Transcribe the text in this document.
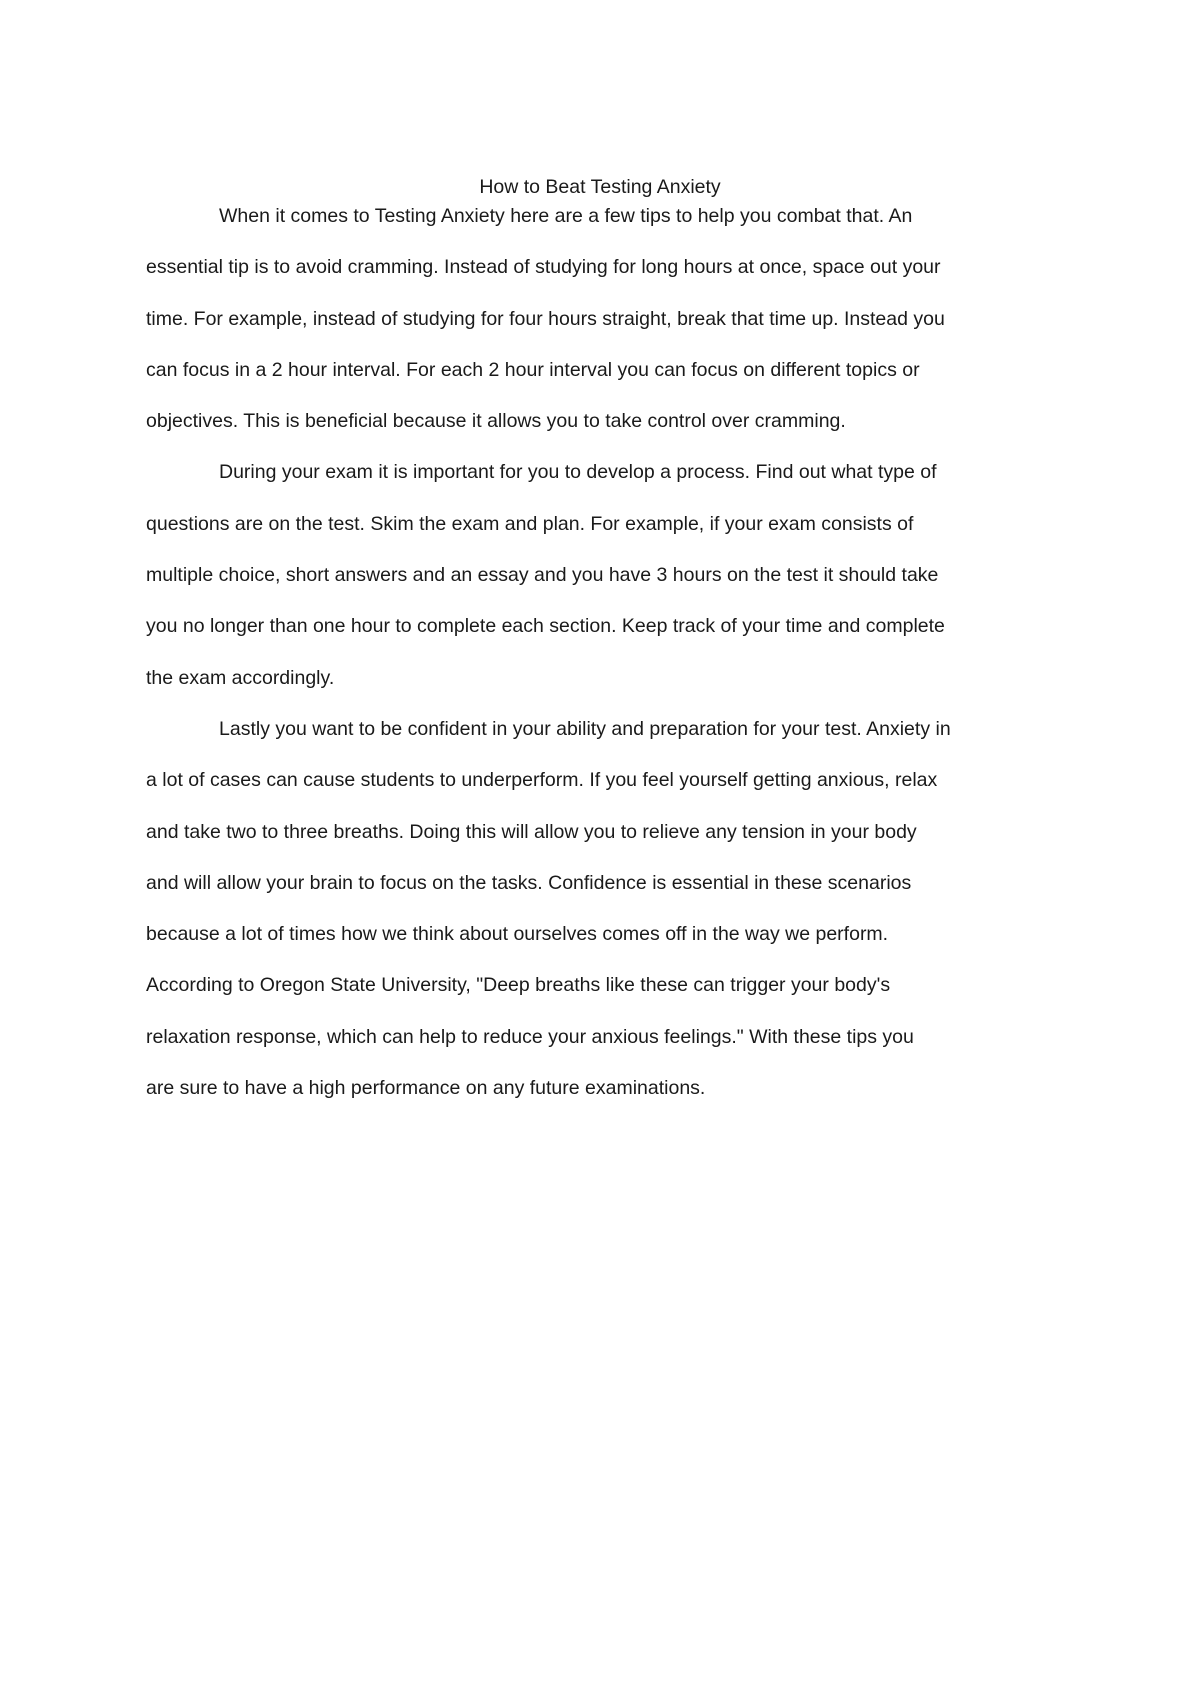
How to Beat Testing Anxiety
When it comes to Testing Anxiety here are a few tips to help you combat that. An
essential tip is to avoid cramming. Instead of studying for long hours at once, space out your
time. For example, instead of studying for four hours straight, break that time up. Instead you
can focus in a 2 hour interval. For each 2 hour interval you can focus on different topics or
objectives. This is beneficial because it allows you to take control over cramming.
During your exam it is important for you to develop a process. Find out what type of
questions are on the test. Skim the exam and plan. For example, if your exam consists of
multiple choice, short answers and an essay and you have 3 hours on the test it should take
you no longer than one hour to complete each section. Keep track of your time and complete
the exam accordingly.
Lastly you want to be confident in your ability and preparation for your test. Anxiety in
a lot of cases can cause students to underperform. If you feel yourself getting anxious, relax
and take two to three breaths. Doing this will allow you to relieve any tension in your body
and will allow your brain to focus on the tasks. Confidence is essential in these scenarios
because a lot of times how we think about ourselves comes off in the way we perform.
According to Oregon State University, "Deep breaths like these can trigger your body's
relaxation response, which can help to reduce your anxious feelings." With these tips you
are sure to have a high performance on any future examinations.
